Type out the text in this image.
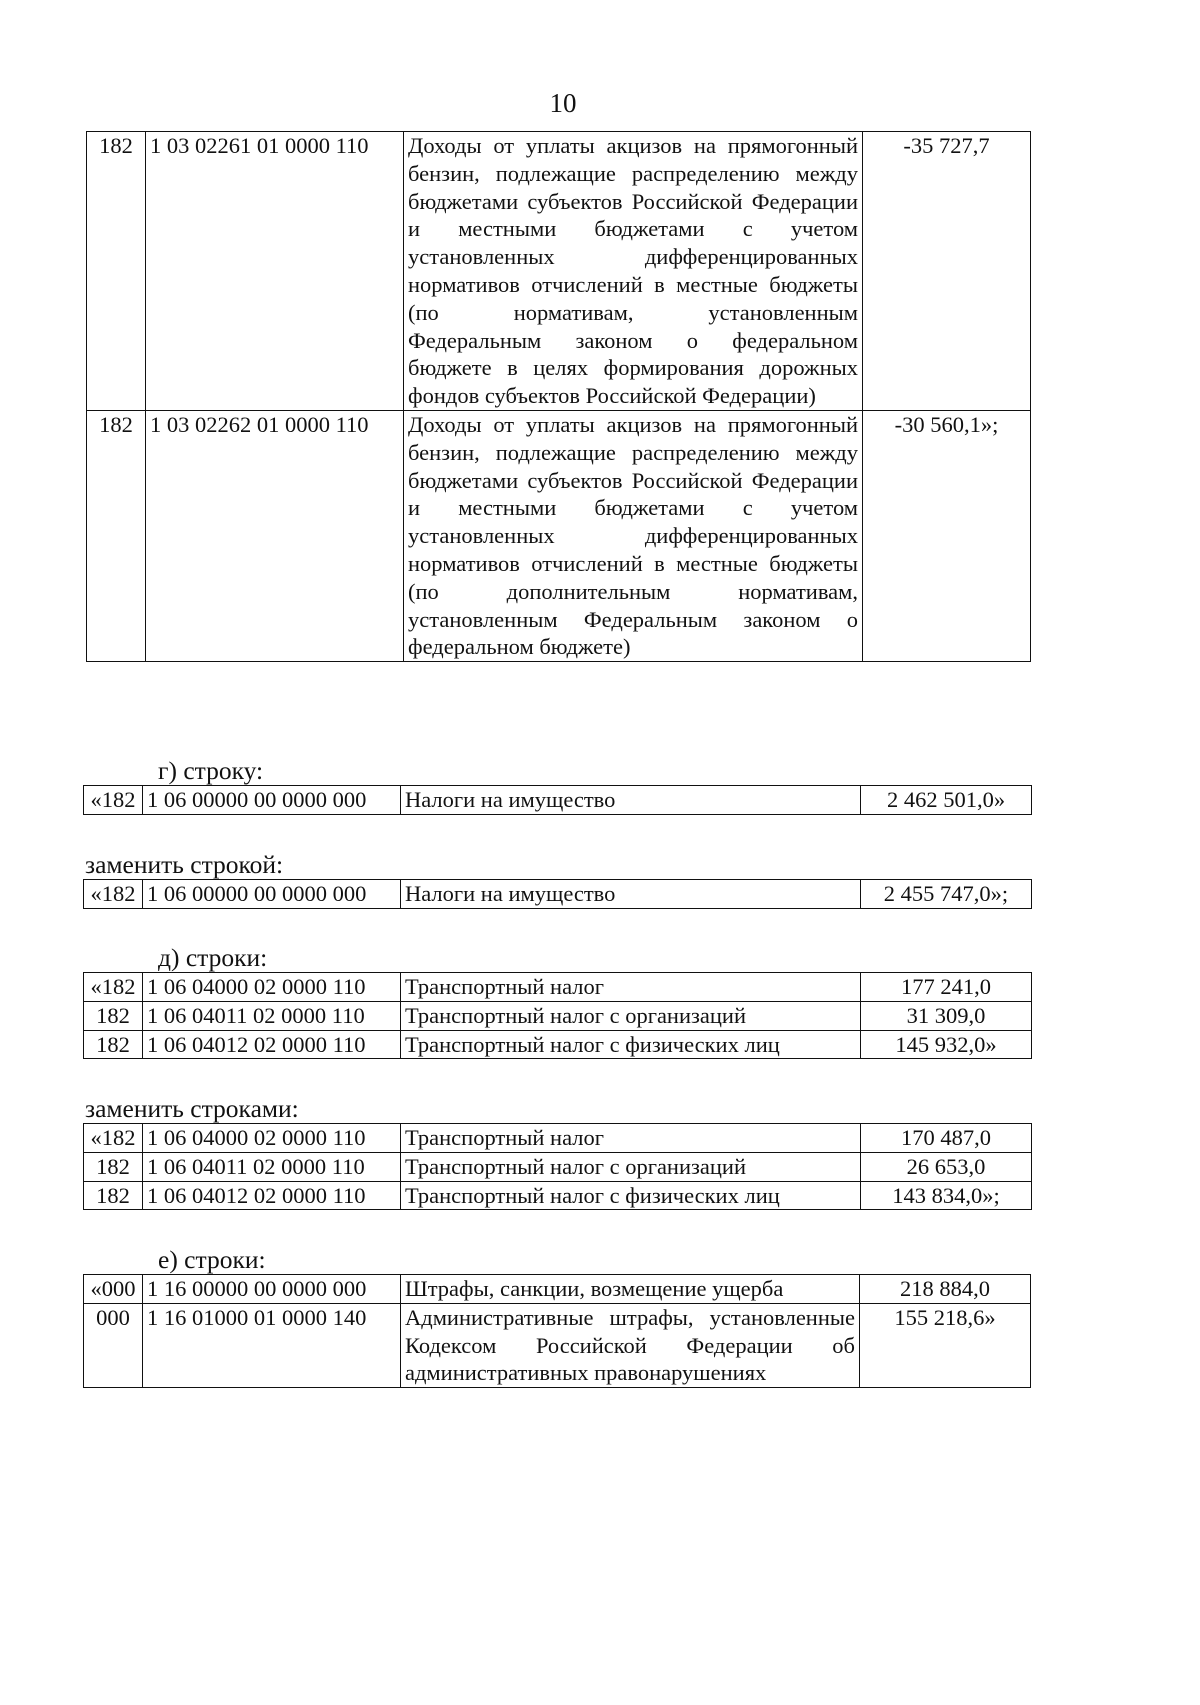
10
182	1 03 02261 01 0000 110	Доходы от уплаты акцизов на прямогонный бензин, подлежащие распределению между бюджетами субъектов Российской Федерации и местными бюджетами с учетом установленных дифференцированных нормативов отчислений в местные бюджеты (по нормативам, установленным Федеральным законом о федеральном бюджете в целях формирования дорожных фондов субъектов Российской Федерации)	-35 727,7
182	1 03 02262 01 0000 110	Доходы от уплаты акцизов на прямогонный бензин, подлежащие распределению между бюджетами субъектов Российской Федерации и местными бюджетами с учетом установленных дифференцированных нормативов отчислений в местные бюджеты (по дополнительным нормативам, установленным Федеральным законом о федеральном бюджете)	-30 560,1»;
г) строку:
«182	1 06 00000 00 0000 000	Налоги на имущество	2 462 501,0»
заменить строкой:
«182	1 06 00000 00 0000 000	Налоги на имущество	2 455 747,0»;
д) строки:
«182	1 06 04000 02 0000 110	Транспортный налог	177 241,0
182	1 06 04011 02 0000 110	Транспортный налог с организаций	31 309,0
182	1 06 04012 02 0000 110	Транспортный налог с физических лиц	145 932,0»
заменить строками:
«182	1 06 04000 02 0000 110	Транспортный налог	170 487,0
182	1 06 04011 02 0000 110	Транспортный налог с организаций	26 653,0
182	1 06 04012 02 0000 110	Транспортный налог с физических лиц	143 834,0»;
е) строки:
«000	1 16 00000 00 0000 000	Штрафы, санкции, возмещение ущерба	218 884,0
000	1 16 01000 01 0000 140	Административные штрафы, установленные Кодексом Российской Федерации об административных правонарушениях	155 218,6»
